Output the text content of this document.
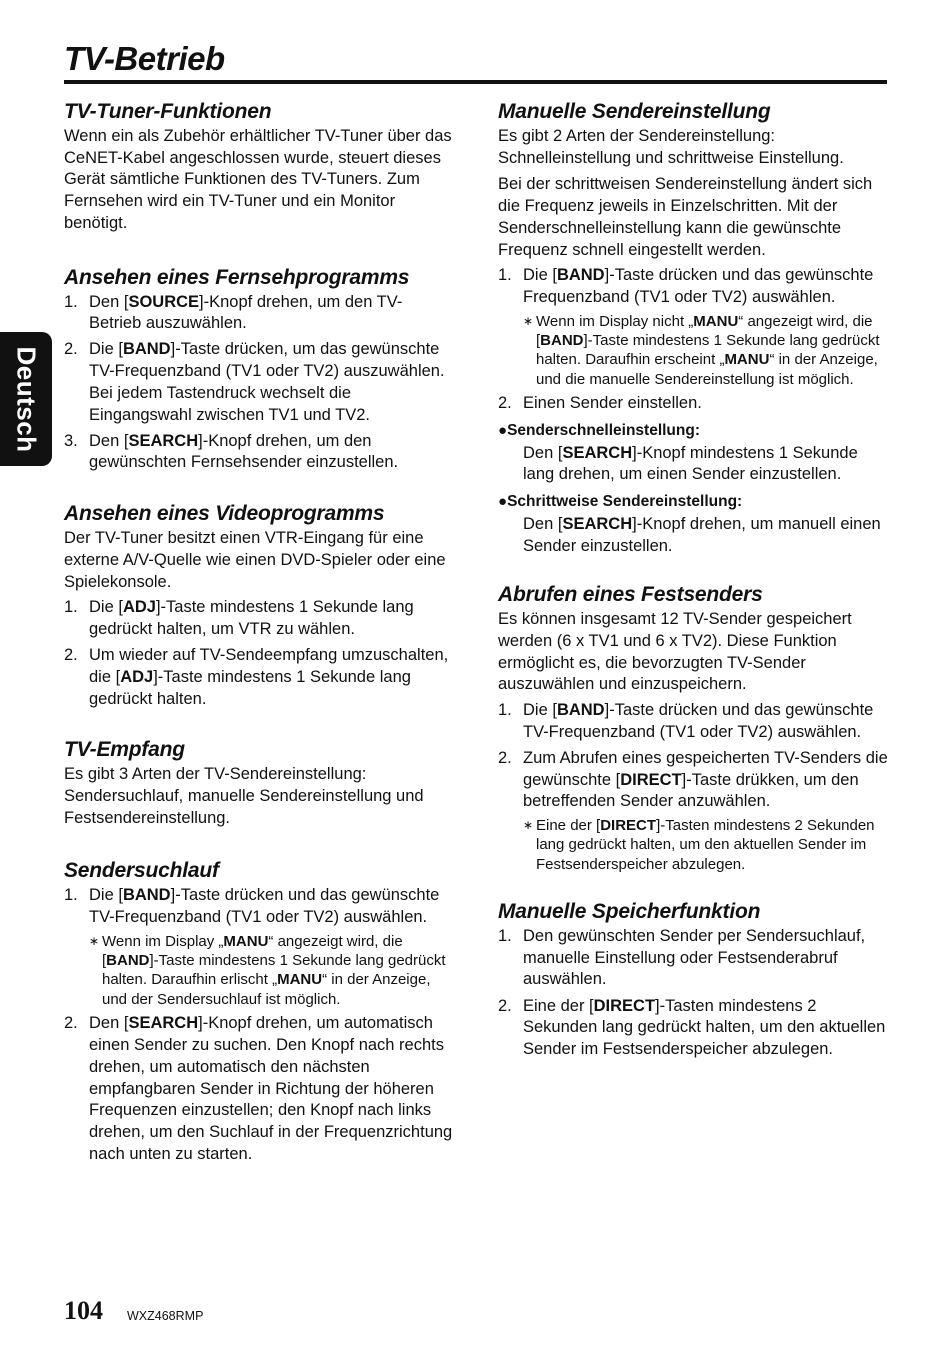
TV-Betrieb
Deutsch
TV-Tuner-Funktionen

Wenn ein als Zubehör erhältlicher TV-Tuner über das CeNET-Kabel angeschlossen wurde, steuert dieses Gerät sämtliche Funktionen des TV-Tuners. Zum Fernsehen wird ein TV-Tuner und ein Monitor benötigt.

Ansehen eines Fernsehprogramms
1. Den [SOURCE]-Knopf drehen, um den TV-Betrieb auszuwählen.
2. Die [BAND]-Taste drücken, um das gewünschte TV-Frequenzband (TV1 oder TV2) auszuwählen. Bei jedem Tastendruck wechselt die Eingangswahl zwischen TV1 und TV2.
3. Den [SEARCH]-Knopf drehen, um den gewünschten Fernsehsender einzustellen.
Ansehen eines Videoprogramms

Der TV-Tuner besitzt einen VTR-Eingang für eine externe A/V-Quelle wie einen DVD-Spieler oder eine Spielekonsole.

1. Die [ADJ]-Taste mindestens 1 Sekunde lang gedrückt halten, um VTR zu wählen.
2. Um wieder auf TV-Sendeempfang umzuschalten, die [ADJ]-Taste mindestens 1 Sekunde lang gedrückt halten.
TV-Empfang

Es gibt 3 Arten der TV-Sendereinstellung: Sendersuchlauf, manuelle Sendereinstellung und Festsendereinstellung.

Sendersuchlauf
1. Die [BAND]-Taste drücken und das gewünschte TV-Frequenzband (TV1 oder TV2) auswählen.
∗ Wenn im Display „MANU“ angezeigt wird, die [BAND]-Taste mindestens 1 Sekunde lang gedrückt halten. Daraufhin erlischt „MANU“ in der Anzeige, und der Sendersuchlauf ist möglich.
2. Den [SEARCH]-Knopf drehen, um automatisch einen Sender zu suchen. Den Knopf nach rechts drehen, um automatisch den nächsten empfangbaren Sender in Richtung der höheren Frequenzen einzustellen; den Knopf nach links drehen, um den Suchlauf in der Frequenzrichtung nach unten zu starten.
Manuelle Sendereinstellung

Es gibt 2 Arten der Sendereinstellung: Schnelleinstellung und schrittweise Einstellung.

Bei der schrittweisen Sendereinstellung ändert sich die Frequenz jeweils in Einzelschritten. Mit der Senderschnelleinstellung kann die gewünschte Frequenz schnell eingestellt werden.

1. Die [BAND]-Taste drücken und das gewünschte Frequenzband (TV1 oder TV2) auswählen.
∗ Wenn im Display nicht „MANU“ angezeigt wird, die [BAND]-Taste mindestens 1 Sekunde lang gedrückt halten. Daraufhin erscheint „MANU“ in der Anzeige, und die manuelle Sendereinstellung ist möglich.
2. Einen Sender einstellen.
●Senderschnelleinstellung:
Den [SEARCH]-Knopf mindestens 1 Sekunde lang drehen, um einen Sender einzustellen.
●Schrittweise Sendereinstellung:
Den [SEARCH]-Knopf drehen, um manuell einen Sender einzustellen.
Abrufen eines Festsenders

Es können insgesamt 12 TV-Sender gespeichert werden (6 x TV1 und 6 x TV2). Diese Funktion ermöglicht es, die bevorzugten TV-Sender auszuwählen und einzuspeichern.

1. Die [BAND]-Taste drücken und das gewünschte TV-Frequenzband (TV1 oder TV2) auswählen.
2. Zum Abrufen eines gespeicherten TV-Senders die gewünschte [DIRECT]-Taste drükken, um den betreffenden Sender anzuwählen.
∗ Eine der [DIRECT]-Tasten mindestens 2 Sekunden lang gedrückt halten, um den aktuellen Sender im Festsenderspeicher abzulegen.
Manuelle Speicherfunktion
1. Den gewünschten Sender per Sendersuchlauf, manuelle Einstellung oder Festsenderabruf auswählen.
2. Eine der [DIRECT]-Tasten mindestens 2 Sekunden lang gedrückt halten, um den aktuellen Sender im Festsenderspeicher abzulegen.
104 WXZ468RMP
